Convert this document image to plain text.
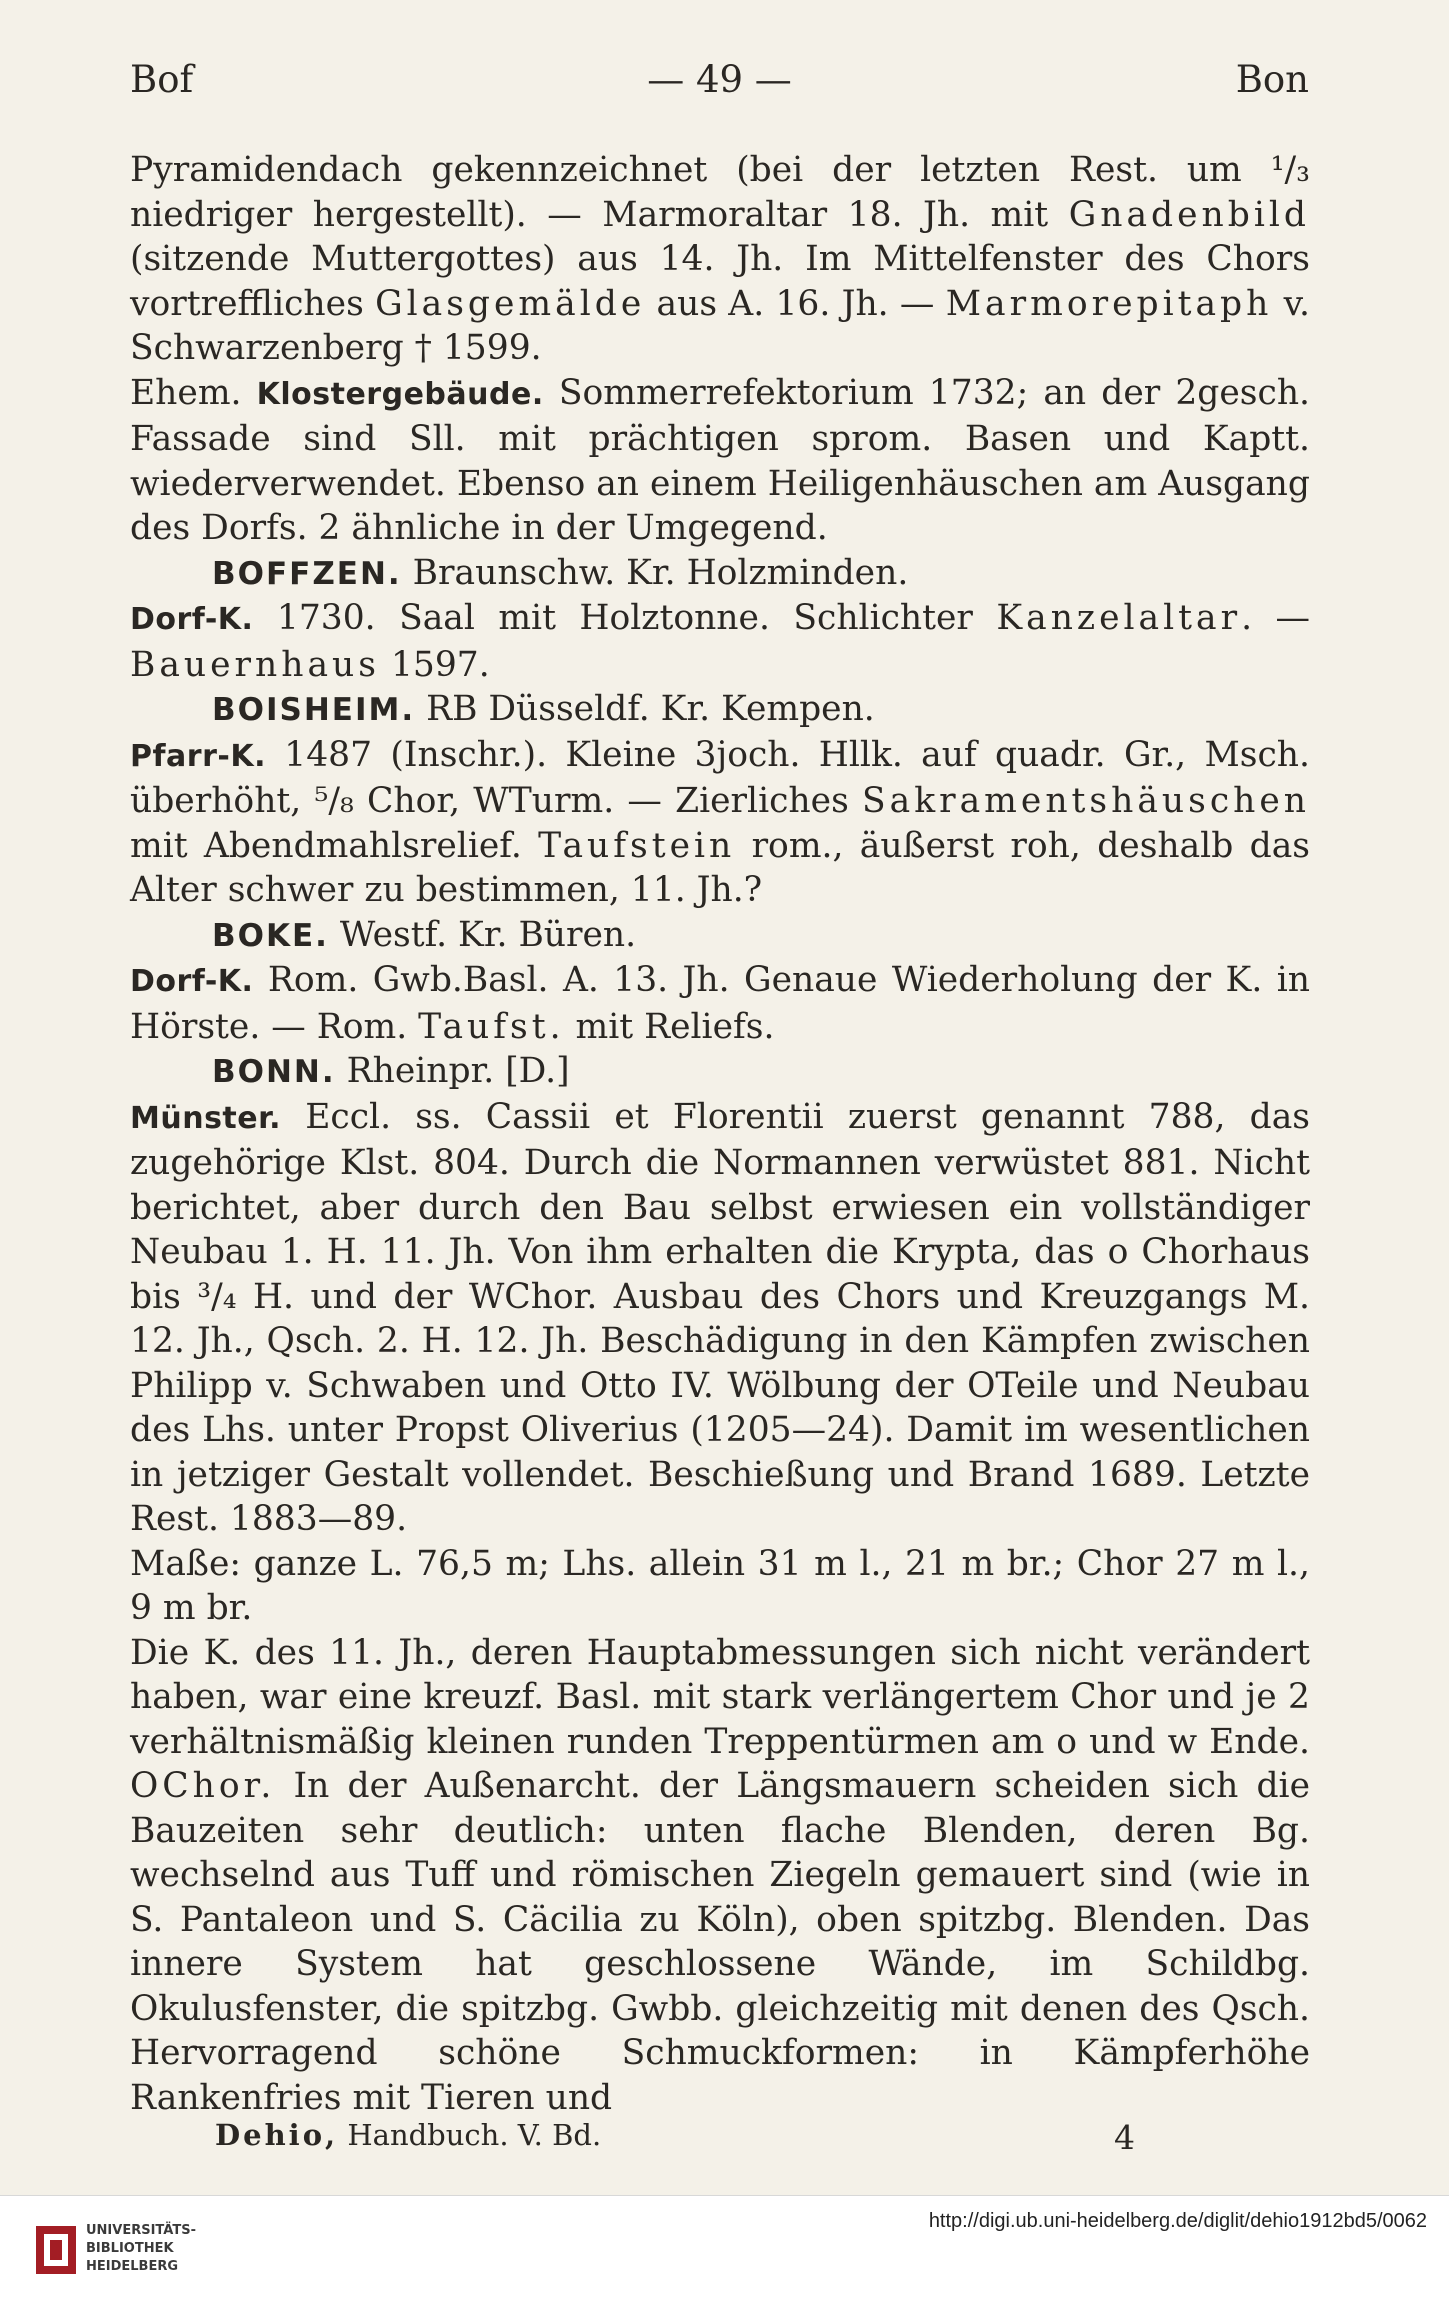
Bof	— 49 —	Bon

Pyramidendach gekennzeichnet (bei der letzten Rest. um ¹/₃ niedriger hergestellt). — Marmoraltar 18. Jh. mit Gnadenbild (sitzende Muttergottes) aus 14. Jh. Im Mittelfenster des Chors vortreffliches Glasgemälde aus A. 16. Jh. — Marmorepitaph v. Schwarzenberg † 1599.

Ehem. Klostergebäude. Sommerrefektorium 1732; an der 2gesch. Fassade sind Sll. mit prächtigen sprom. Basen und Kaptt. wiederverwendet. Ebenso an einem Heiligenhäuschen am Ausgang des Dorfs. 2 ähnliche in der Umgegend.

BOFFZEN. Braunschw. Kr. Holzminden.

Dorf-K. 1730. Saal mit Holztonne. Schlichter Kanzelaltar. — Bauernhaus 1597.

BOISHEIM. RB Düsseldf. Kr. Kempen.

Pfarr-K. 1487 (Inschr.). Kleine 3joch. Hllk. auf quadr. Gr., Msch. überhöht, ⁵/₈ Chor, WTurm. — Zierliches Sakramentshäuschen mit Abendmahlsrelief. Taufstein rom., äußerst roh, deshalb das Alter schwer zu bestimmen, 11. Jh.?

BOKE. Westf. Kr. Büren.

Dorf-K. Rom. Gwb.Basl. A. 13. Jh. Genaue Wiederholung der K. in Hörste. — Rom. Taufst. mit Reliefs.

BONN. Rheinpr. [D.]

Münster. Eccl. ss. Cassii et Florentii zuerst genannt 788, das zugehörige Klst. 804. Durch die Normannen verwüstet 881. Nicht berichtet, aber durch den Bau selbst erwiesen ein vollständiger Neubau 1. H. 11. Jh. Von ihm erhalten die Krypta, das o Chorhaus bis ³/₄ H. und der WChor. Ausbau des Chors und Kreuzgangs M. 12. Jh., Qsch. 2. H. 12. Jh. Beschädigung in den Kämpfen zwischen Philipp v. Schwaben und Otto IV. Wölbung der OTeile und Neubau des Lhs. unter Propst Oliverius (1205—24). Damit im wesentlichen in jetziger Gestalt vollendet. Beschießung und Brand 1689. Letzte Rest. 1883—89.

Maße: ganze L. 76,5 m; Lhs. allein 31 m l., 21 m br.; Chor 27 m l., 9 m br.

Die K. des 11. Jh., deren Hauptabmessungen sich nicht verändert haben, war eine kreuzf. Basl. mit stark verlängertem Chor und je 2 verhältnismäßig kleinen runden Treppentürmen am o und w Ende. OChor. In der Außenarcht. der Längsmauern scheiden sich die Bauzeiten sehr deutlich: unten flache Blenden, deren Bg. wechselnd aus Tuff und römischen Ziegeln gemauert sind (wie in S. Pantaleon und S. Cäcilia zu Köln), oben spitzbg. Blenden. Das innere System hat geschlossene Wände, im Schildbg. Okulusfenster, die spitzbg. Gwbb. gleichzeitig mit denen des Qsch. Hervorragend schöne Schmuckformen: in Kämpferhöhe Rankenfries mit Tieren und

Dehio, Handbuch. V. Bd.	4
UNIVERSITÄTS-
BIBLIOTHEK
HEIDELBERG
http://digi.ub.uni-heidelberg.de/diglit/dehio1912bd5/0062
